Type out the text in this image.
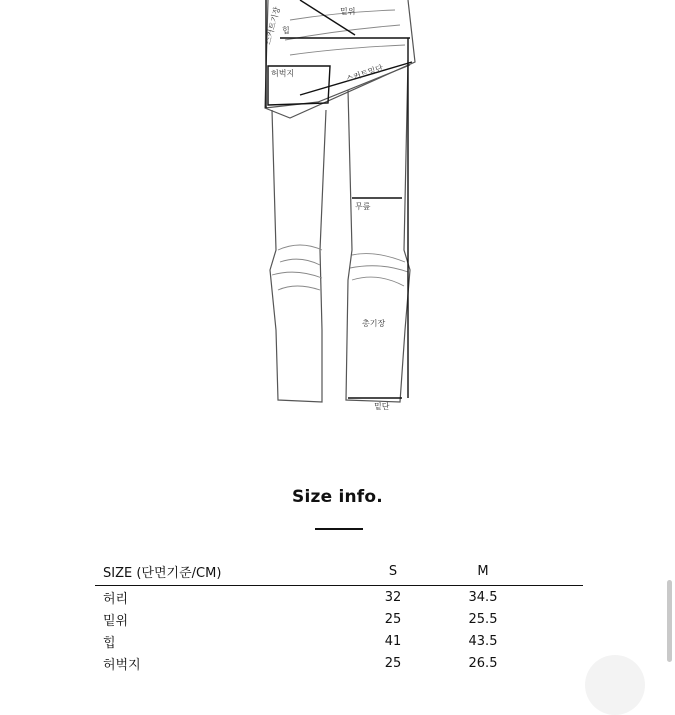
스커트기장	밑위
힙
허벅지	스커트밑단
무릎
총기장
밑단
Size info.
SIZE (단면기준/CM)	S	M	
허리	32	34.5	
밑위	25	25.5	
힙	41	43.5	
허벅지	25	26.5	
